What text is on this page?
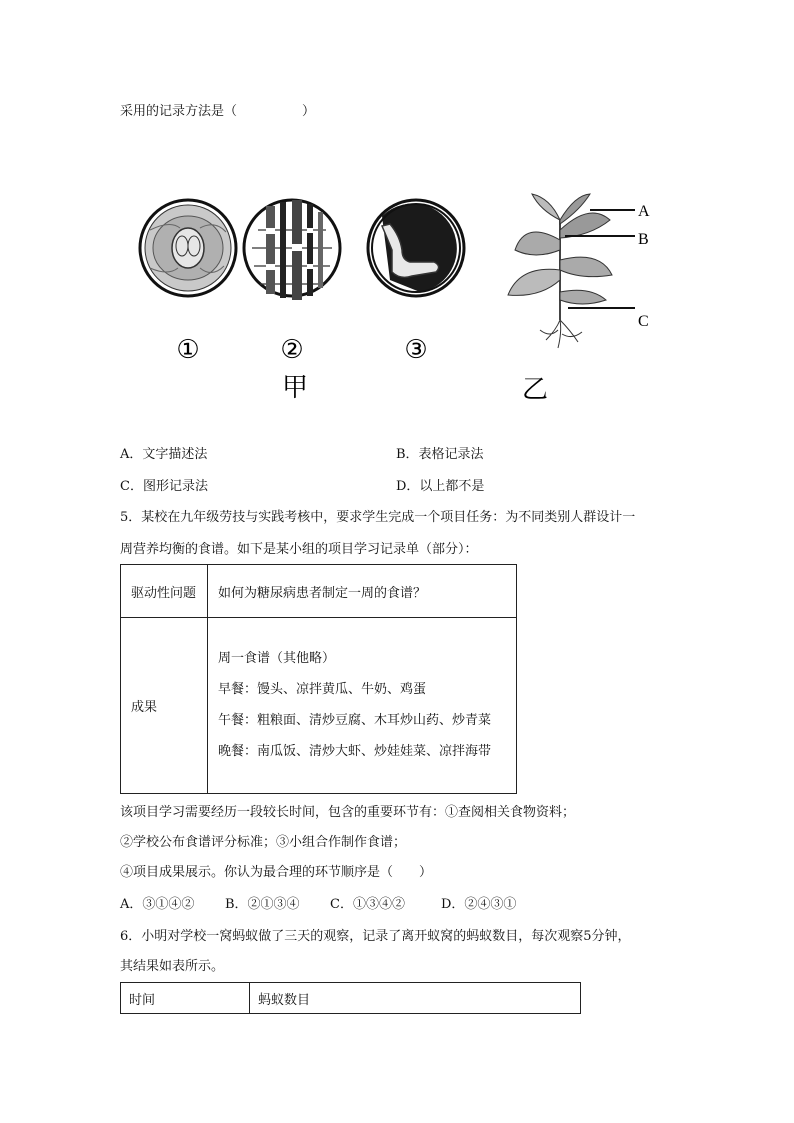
采用的记录方法是（　　　　　）
A
B
C
①	②	③
甲	乙
A．文字描述法	B．表格记录法
C．图形记录法	D．以上都不是
5．某校在九年级劳技与实践考核中，要求学生完成一个项目任务：为不同类别人群设计一
周营养均衡的食谱。如下是某小组的项目学习记录单（部分）：
驱动性问题	如何为糖尿病患者制定一周的食谱？
成果	周一食谱（其他略）
早餐：馒头、凉拌黄瓜、牛奶、鸡蛋
午餐：粗粮面、清炒豆腐、木耳炒山药、炒青菜
晚餐：南瓜饭、清炒大虾、炒娃娃菜、凉拌海带
该项目学习需要经历一段较长时间，包含的重要环节有：①查阅相关食物资料；
②学校公布食谱评分标准；③小组合作制作食谱；
④项目成果展示。你认为最合理的环节顺序是（　　）
A．③①④② B．②①③④ C．①③④②	D．②④③①
6．小明对学校一窝蚂蚁做了三天的观察，记录了离开蚁窝的蚂蚁数目，每次观察5分钟，
其结果如表所示。
时间	蚂蚁数目
